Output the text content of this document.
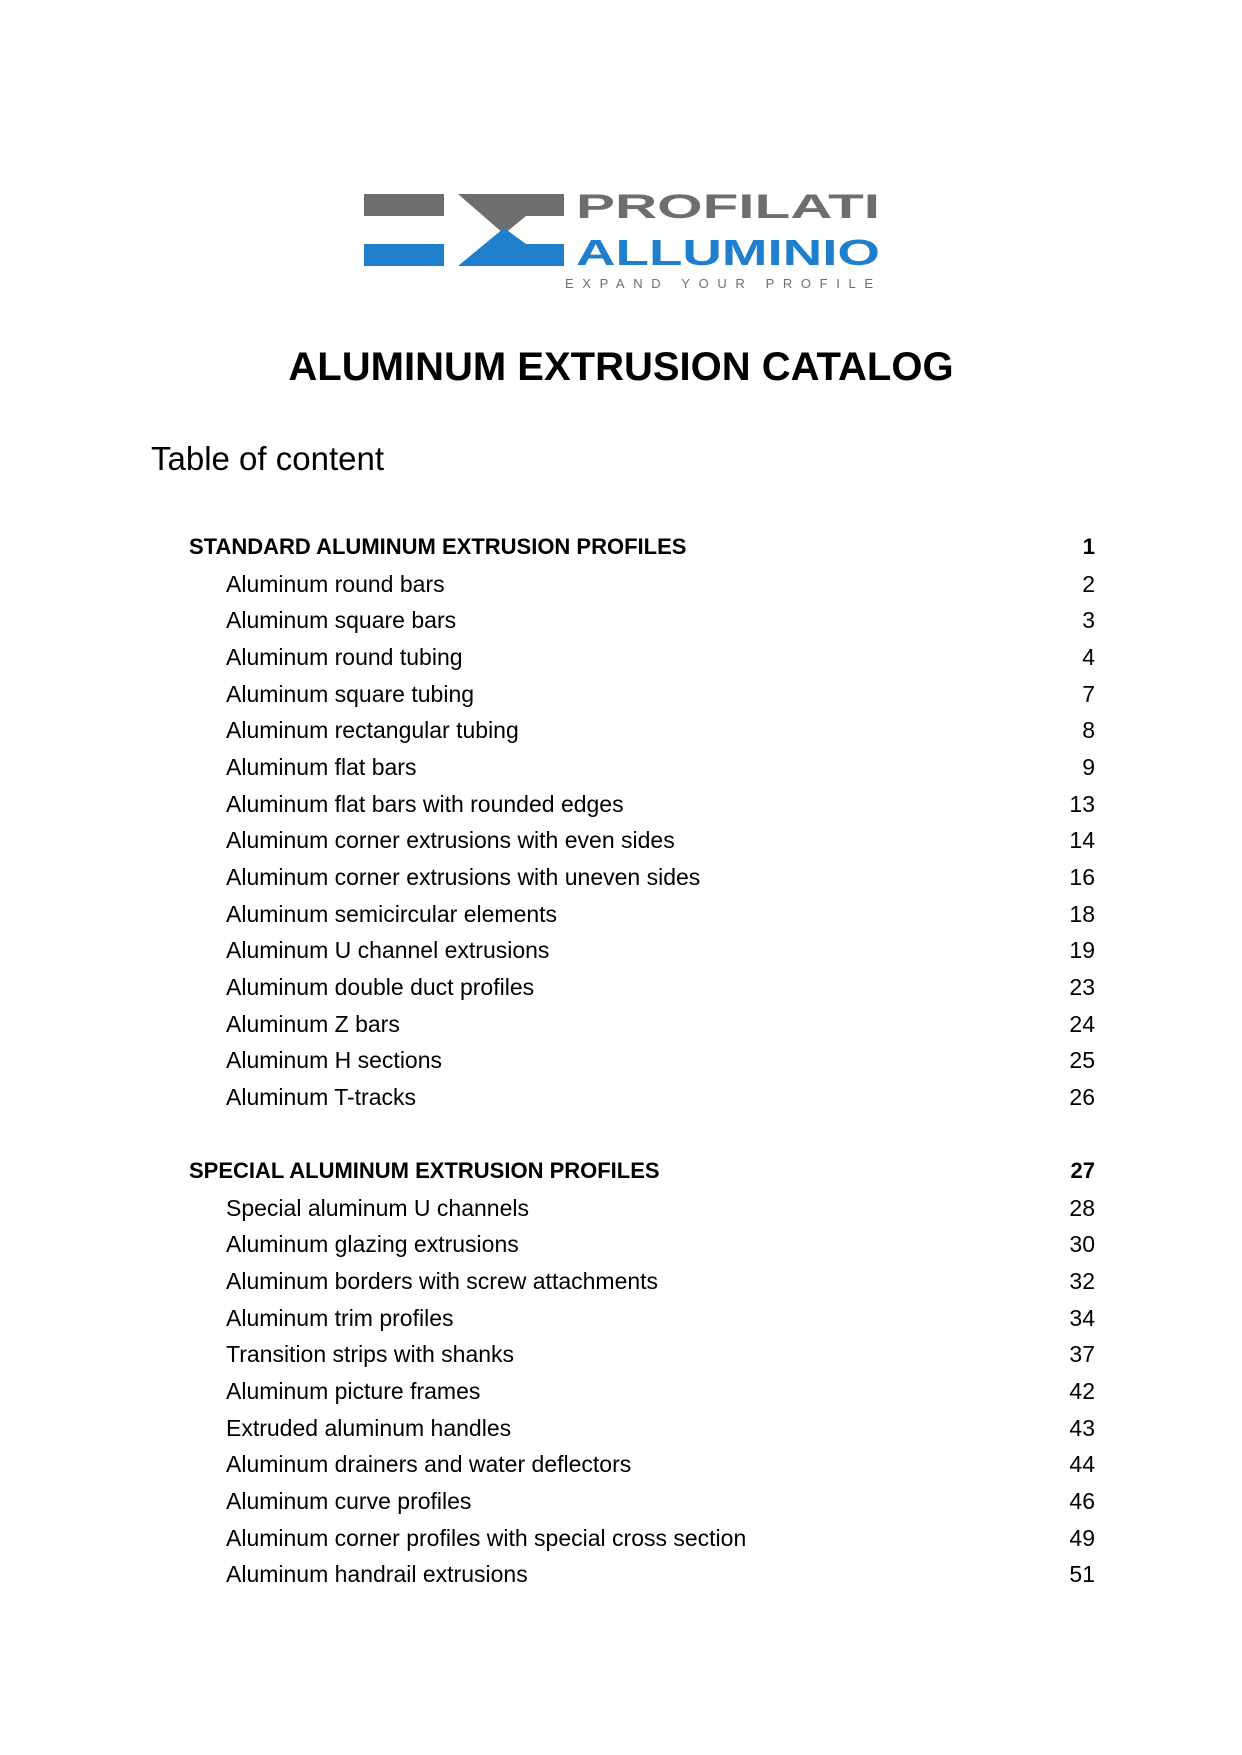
PROFILATI
ALLUMINIO
EXPAND YOUR PROFILE
ALUMINUM EXTRUSION CATALOG
Table of content
STANDARD ALUMINUM EXTRUSION PROFILES	1
Aluminum round bars	2
Aluminum square bars	3
Aluminum round tubing	4
Aluminum square tubing	7
Aluminum rectangular tubing	8
Aluminum flat bars	9
Aluminum flat bars with rounded edges	13
Aluminum corner extrusions with even sides	14
Aluminum corner extrusions with uneven sides	16
Aluminum semicircular elements	18
Aluminum U channel extrusions	19
Aluminum double duct profiles	23
Aluminum Z bars	24
Aluminum H sections	25
Aluminum T-tracks	26
SPECIAL ALUMINUM EXTRUSION PROFILES	27
Special aluminum U channels	28
Aluminum glazing extrusions	30
Aluminum borders with screw attachments	32
Aluminum trim profiles	34
Transition strips with shanks	37
Aluminum picture frames	42
Extruded aluminum handles	43
Aluminum drainers and water deflectors	44
Aluminum curve profiles	46
Aluminum corner profiles with special cross section	49
Aluminum handrail extrusions	51
